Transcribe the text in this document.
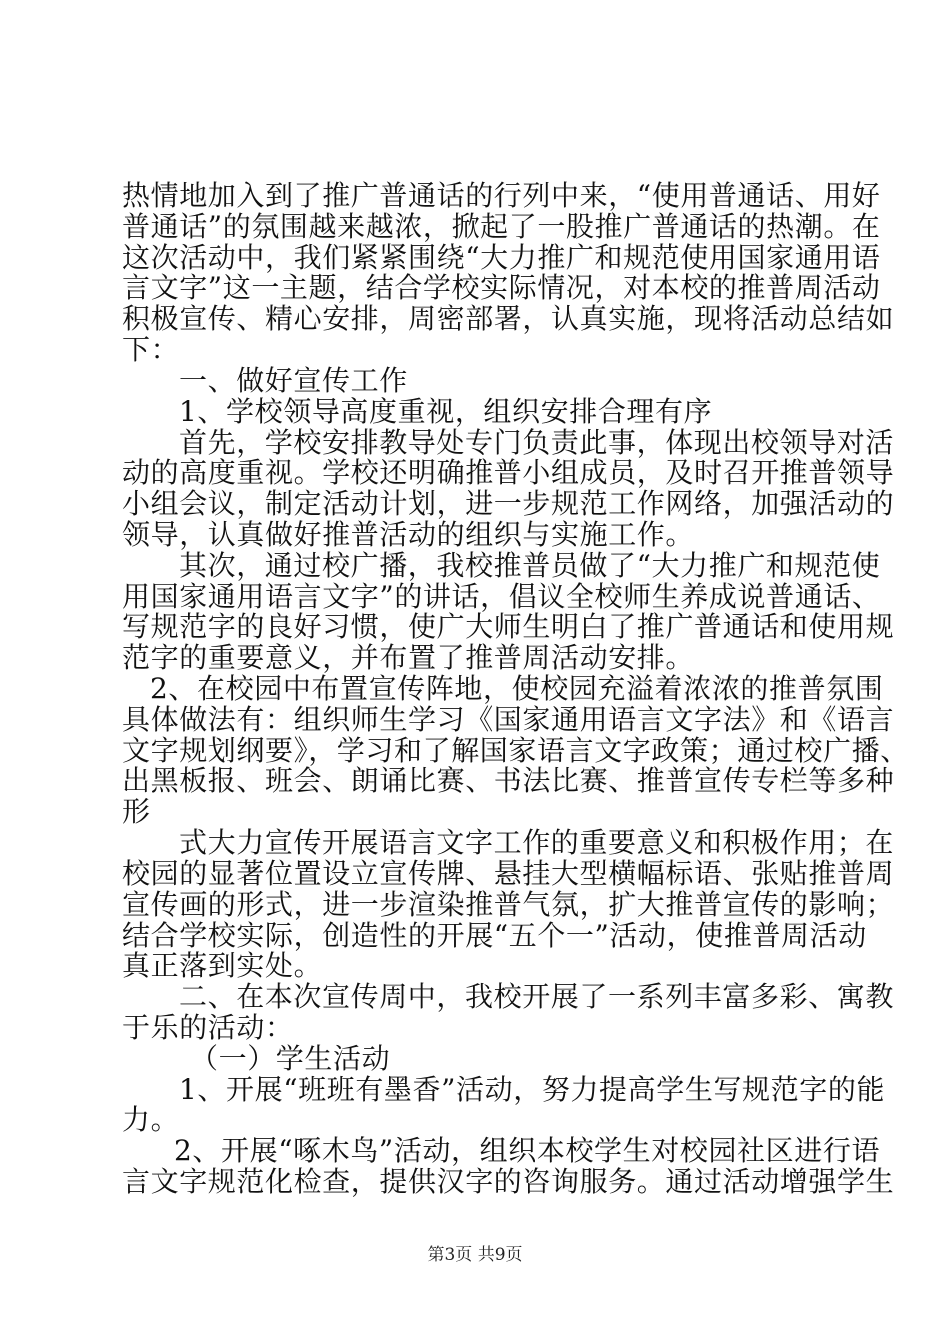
热情地加入到了推广普通话的行列中来，“使用普通话、用好
普通话”的氛围越来越浓，掀起了一股推广普通话的热潮。在
这次活动中，我们紧紧围绕“大力推广和规范使用国家通用语
言文字”这一主题，结合学校实际情况，对本校的推普周活动
积极宣传、精心安排，周密部署，认真实施，现将活动总结如
下：
一、做好宣传工作
1、学校领导高度重视，组织安排合理有序
首先，学校安排教导处专门负责此事，体现出校领导对活
动的高度重视。学校还明确推普小组成员，及时召开推普领导
小组会议，制定活动计划，进一步规范工作网络，加强活动的
领导，认真做好推普活动的组织与实施工作。
其次，通过校广播，我校推普员做了“大力推广和规范使
用国家通用语言文字”的讲话，倡议全校师生养成说普通话、
写规范字的良好习惯，使广大师生明白了推广普通话和使用规
范字的重要意义，并布置了推普周活动安排。
2、在校园中布置宣传阵地，使校园充溢着浓浓的推普氛围
具体做法有：组织师生学习《国家通用语言文字法》和《语言
文字规划纲要》，学习和了解国家语言文字政策；通过校广播、
出黑板报、班会、朗诵比赛、书法比赛、推普宣传专栏等多种
形
式大力宣传开展语言文字工作的重要意义和积极作用；在
校园的显著位置设立宣传牌、悬挂大型横幅标语、张贴推普周
宣传画的形式，进一步渲染推普气氛，扩大推普宣传的影响；
结合学校实际，创造性的开展“五个一”活动，使推普周活动
真正落到实处。
二、在本次宣传周中，我校开展了一系列丰富多彩、寓教
于乐的活动：
（一）学生活动
1、开展“班班有墨香”活动，努力提高学生写规范字的能
力。
2、开展“啄木鸟”活动，组织本校学生对校园社区进行语
言文字规范化检查，提供汉字的咨询服务。通过活动增强学生
第3页 共9页
